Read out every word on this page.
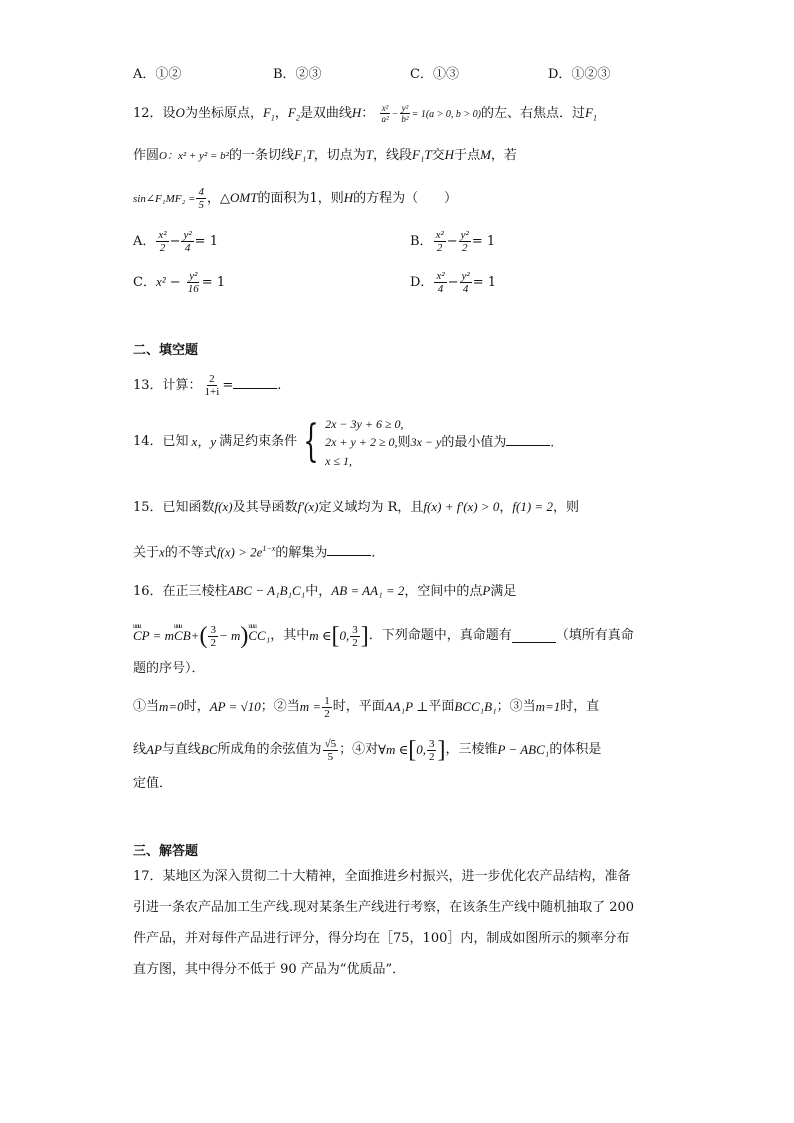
A．①②	B．②③	C．①③	D．①②③
12．设O为坐标原点，$F_1$，$F_2$是双曲线H： $\frac{\text{x²}}{\text{a²}} - \frac{\text{y²}}{\text{b²}} = 1(a > 0$, b > 0)的左、右焦点．过$F_1$
作圆O：x² + y² = b²的一条切线F₁T，切点为T，线段F₁T交H于点M，若
sin∠F₁MF₂ = $\frac{4}{5}$ ，△OMT的面积为1，则H的方程为（　　）
A． $\frac{\text{x²}}{2} - \frac{\text{y²}}{4} = 1$	B． $\frac{\text{x²}}{2} - \frac{\text{y²}}{2} = 1$
C．$x^2 - \frac{\text{y²}}{16} = 1$	D． $\frac{\text{x²}}{4} - \frac{\text{y²}}{4} = 1$
二、填空题
13．计算： $\frac{2}{1+i}$ =	.
14．已知 x，y 满足约束条件 { 2x − 3y + 6 ≥ 0,
2x + y + 2 ≥ 0,则3x − y的最小值为	．
x ≤ 1,
15．已知函数f(x)及其导函数f′(x)定义域均为 R，且f(x) + f′(x) > 0，f(1) = 2，则
关于x的不等式$f(x) > 2e^{1-x}$的解集为	．
16．在正三棱柱ABC − A₁B₁C₁中，AB = AA₁ = 2，空间中的点P满足
uuu CP = m uuu CB + ( $\frac{3}{2} - m$ ) uuu CC₁ ，其中 m ∈ [ 0, $\frac{3}{2}$ ] ．下列命题中，真命题有	（填所有真命
题的序号）．
①当 m=0 时， AP = √10 ；②当 $m = \frac{1}{2}$ 时，平面 AA₁P ⊥ 平面 BCC₁B₁ ；③当 m=1 时，直
线 AP 与直线 BC 所成角的余弦值为 $\frac{√5}{5}$ ；④对 ∀m ∈ [ 0, $\frac{3}{2}$ ] ，三棱锥 P − ABC₁ 的体积是
定值．
三、解答题
17．某地区为深入贯彻二十大精神，全面推进乡村振兴，进一步优化农产品结构，准备
引进一条农产品加工生产线.现对某条生产线进行考察，在该条生产线中随机抽取了 200
件产品，并对每件产品进行评分，得分均在［75，100］内，制成如图所示的频率分布
直方图，其中得分不低于 90 产品为“优质品”．
